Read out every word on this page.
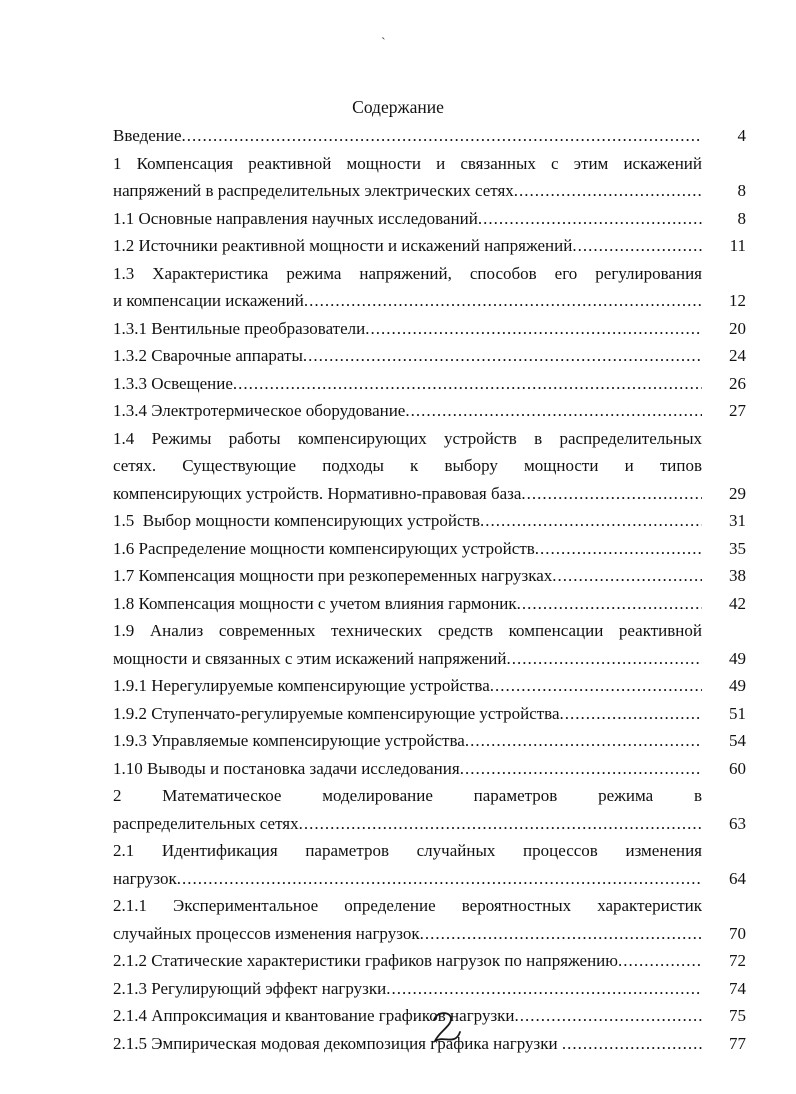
`
Содержание
Введение .....	4
1 Компенсация реактивной мощности и связанных с этим искажений
напряжений в распределительных электрических сетях .....	8
1.1 Основные направления научных исследований .....	8
1.2 Источники реактивной мощности и искажений напряжений .....	11
1.3 Характеристика режима напряжений, способов его регулирования
и компенсации искажений .....	12
1.3.1 Вентильные преобразователи .....	20
1.3.2 Сварочные аппараты .....	24
1.3.3 Освещение .....	26
1.3.4 Электротермическое оборудование .....	27
1.4 Режимы работы компенсирующих устройств в распределительных
сетях. Существующие подходы к выбору мощности и типов
компенсирующих устройств. Нормативно-правовая база .....	29
1.5  Выбор мощности компенсирующих устройств .....	31
1.6 Распределение мощности компенсирующих устройств .....	35
1.7 Компенсация мощности при резкопеременных нагрузках .....	38
1.8 Компенсация мощности с учетом влияния гармоник .....	42
1.9 Анализ современных технических средств компенсации реактивной
мощности и связанных с этим искажений напряжений .....	49
1.9.1 Нерегулируемые компенсирующие устройства .....	49
1.9.2 Ступенчато-регулируемые компенсирующие устройства .....	51
1.9.3 Управляемые компенсирующие устройства .....	54
1.10 Выводы и постановка задачи исследования .....	60
2 Математическое моделирование параметров режима в
распределительных сетях .....	63
2.1 Идентификация параметров случайных процессов изменения
нагрузок .....	64
2.1.1 Экспериментальное определение вероятностных характеристик
случайных процессов изменения нагрузок .....	70
2.1.2 Статические характеристики графиков нагрузок по напряжению .....	72
2.1.3 Регулирующий эффект нагрузки .....	74
2.1.4 Аппроксимация и квантование графиков нагрузки .....	75
2.1.5 Эмпирическая модовая декомпозиция графика нагрузки .....	77
